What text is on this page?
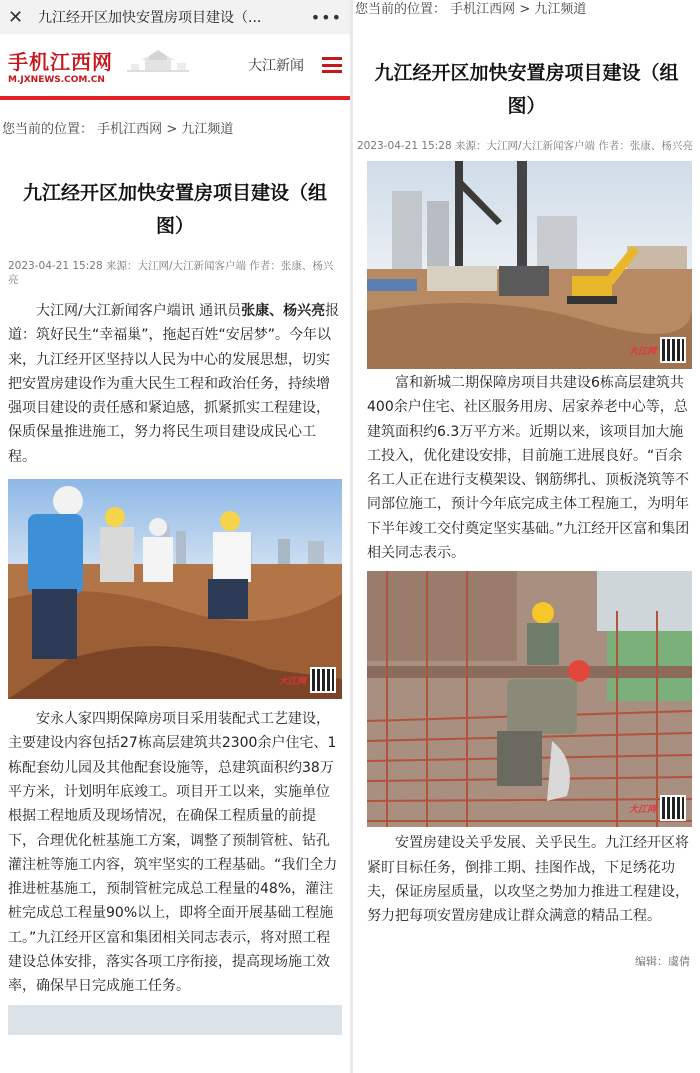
✕	九江经开区加快安置房项目建设（...	•••
手机江西网
M.JXNEWS.COM.CN
大江新闻
您当前的位置： 手机江西网 > 九江频道
九江经开区加快安置房项目建设（组图）
2023-04-21 15:28 来源：大江网/大江新闻客户端 作者：张康、杨兴亮

大江网/大江新闻客户端讯 通讯员张康、杨兴亮报道：筑好民生“幸福巢”，拖起百姓“安居梦”。今年以来，九江经开区坚持以人民为中心的发展思想，切实把安置房建设作为重大民生工程和政治任务，持续增强项目建设的责任感和紧迫感，抓紧抓实工程建设，保质保量推进施工，努力将民生项目建设成民心工程。

大江网

安永人家四期保障房项目采用装配式工艺建设，主要建设内容包括27栋高层建筑共2300余户住宅、1栋配套幼儿园及其他配套设施等，总建筑面积约38万平方米，计划明年底竣工。项目开工以来，实施单位根据工程地质及现场情况，在确保工程质量的前提下，合理优化桩基施工方案，调整了预制管桩、钻孔灌注桩等施工内容，筑牢坚实的工程基础。“我们全力推进桩基施工，预制管桩完成总工程量的48%，灌注桩完成总工程量90%以上，即将全面开展基础工程施工。”九江经开区富和集团相关同志表示，将对照工程建设总体安排，落实各项工序衔接，提高现场施工效率，确保早日完成施工任务。

您当前的位置： 手机江西网 > 九江频道
九江经开区加快安置房项目建设（组图）
2023-04-21 15:28 来源：大江网/大江新闻客户端 作者：张康、杨兴亮
大江网

富和新城二期保障房项目共建设6栋高层建筑共400余户住宅、社区服务用房、居家养老中心等，总建筑面积约6.3万平方米。近期以来，该项目加大施工投入，优化建设安排，目前施工进展良好。“百余名工人正在进行支模架设、钢筋绑扎、顶板浇筑等不同部位施工，预计今年底完成主体工程施工，为明年下半年竣工交付奠定坚实基础。”九江经开区富和集团相关同志表示。

大江网

安置房建设关乎发展、关乎民生。九江经开区将紧盯目标任务，倒排工期、挂图作战，下足绣花功夫，保证房屋质量，以攻坚之势加力推进工程建设，努力把每项安置房建成让群众满意的精品工程。

编辑：虞倩
